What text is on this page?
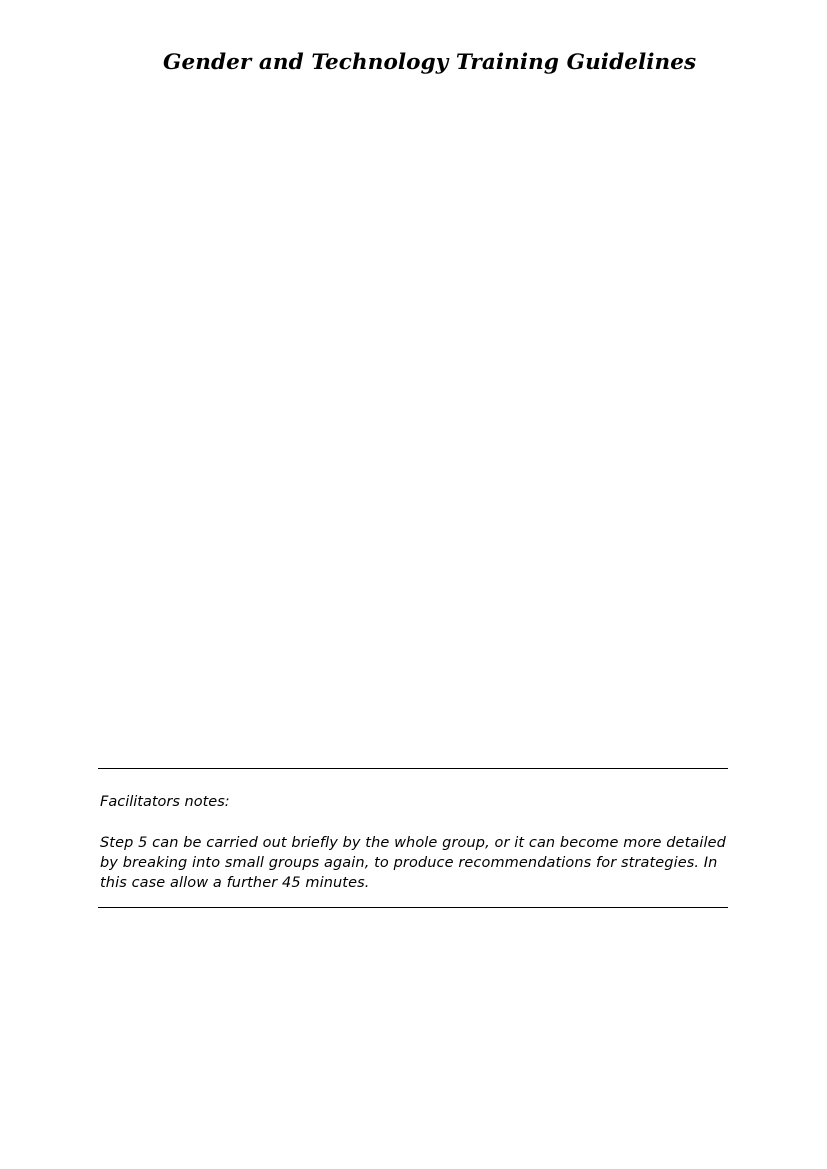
Gender and Technology Training Guidelines

Facilitators notes:

Step 5 can be carried out briefly by the whole group, or it can become more detailed by breaking into small groups again, to produce recommendations for strategies. In this case allow a further 45 minutes.
